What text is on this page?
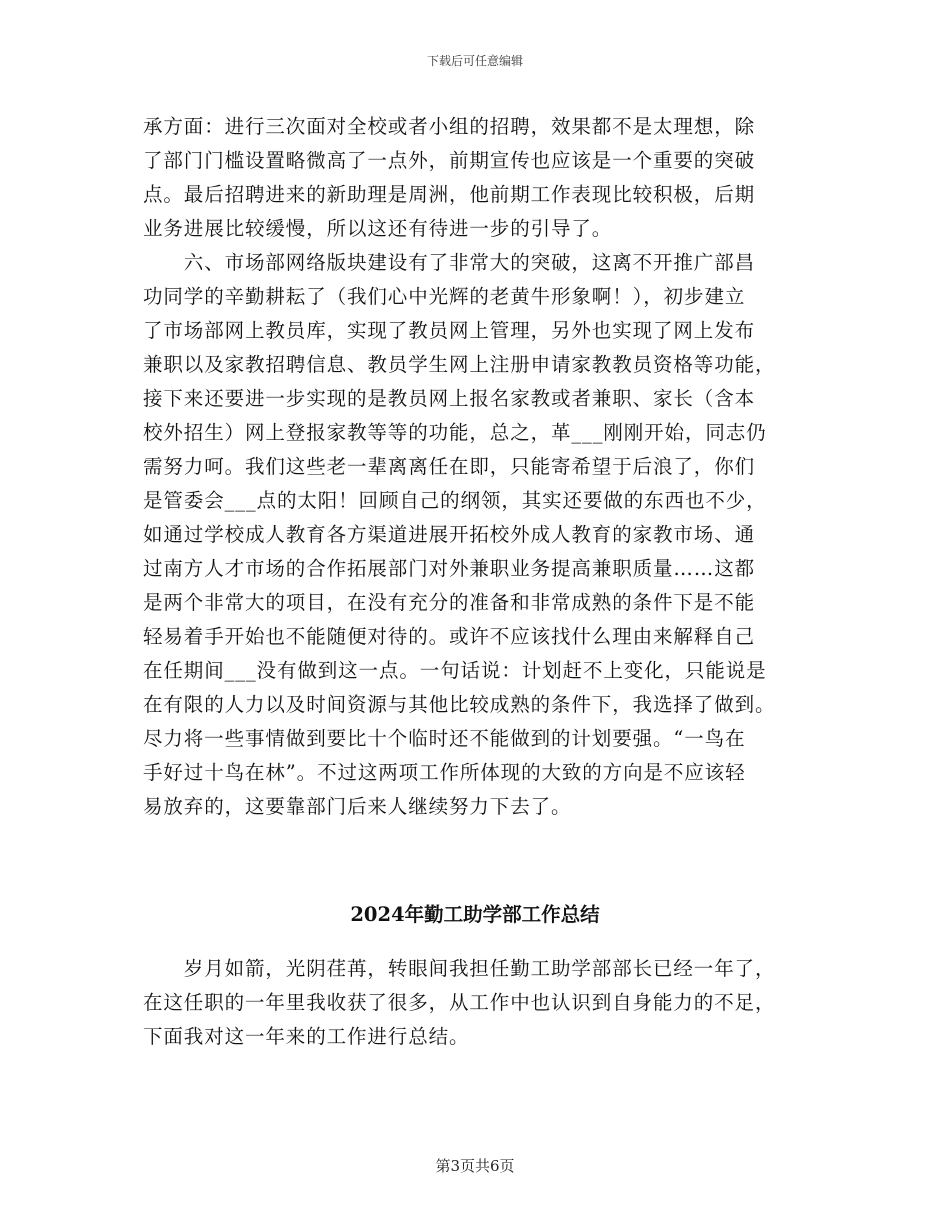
下载后可任意编辑
承方面：进行三次面对全校或者小组的招聘，效果都不是太理想，除
了部门门槛设置略微高了一点外，前期宣传也应该是一个重要的突破
点。最后招聘进来的新助理是周洲，他前期工作表现比较积极，后期
业务进展比较缓慢，所以这还有待进一步的引导了。
　　六、市场部网络版块建设有了非常大的突破，这离不开推广部昌
功同学的辛勤耕耘了（我们心中光辉的老黄牛形象啊！），初步建立
了市场部网上教员库，实现了教员网上管理，另外也实现了网上发布
兼职以及家教招聘信息、教员学生网上注册申请家教教员资格等功能，
接下来还要进一步实现的是教员网上报名家教或者兼职、家长（含本
校外招生）网上登报家教等等的功能，总之，革___刚刚开始，同志仍
需努力呵。我们这些老一辈离离任在即，只能寄希望于后浪了，你们
是管委会___点的太阳！回顾自己的纲领，其实还要做的东西也不少，
如通过学校成人教育各方渠道进展开拓校外成人教育的家教市场、通
过南方人才市场的合作拓展部门对外兼职业务提高兼职质量……这都
是两个非常大的项目，在没有充分的准备和非常成熟的条件下是不能
轻易着手开始也不能随便对待的。或许不应该找什么理由来解释自己
在任期间___没有做到这一点。一句话说：计划赶不上变化，只能说是
在有限的人力以及时间资源与其他比较成熟的条件下，我选择了做到。
尽力将一些事情做到要比十个临时还不能做到的计划要强。“一鸟在
手好过十鸟在林”。不过这两项工作所体现的大致的方向是不应该轻
易放弃的，这要靠部门后来人继续努力下去了。
2024年勤工助学部工作总结
　　岁月如箭，光阴荏苒，转眼间我担任勤工助学部部长已经一年了，
在这任职的一年里我收获了很多，从工作中也认识到自身能力的不足，
下面我对这一年来的工作进行总结。
第3页共6页
